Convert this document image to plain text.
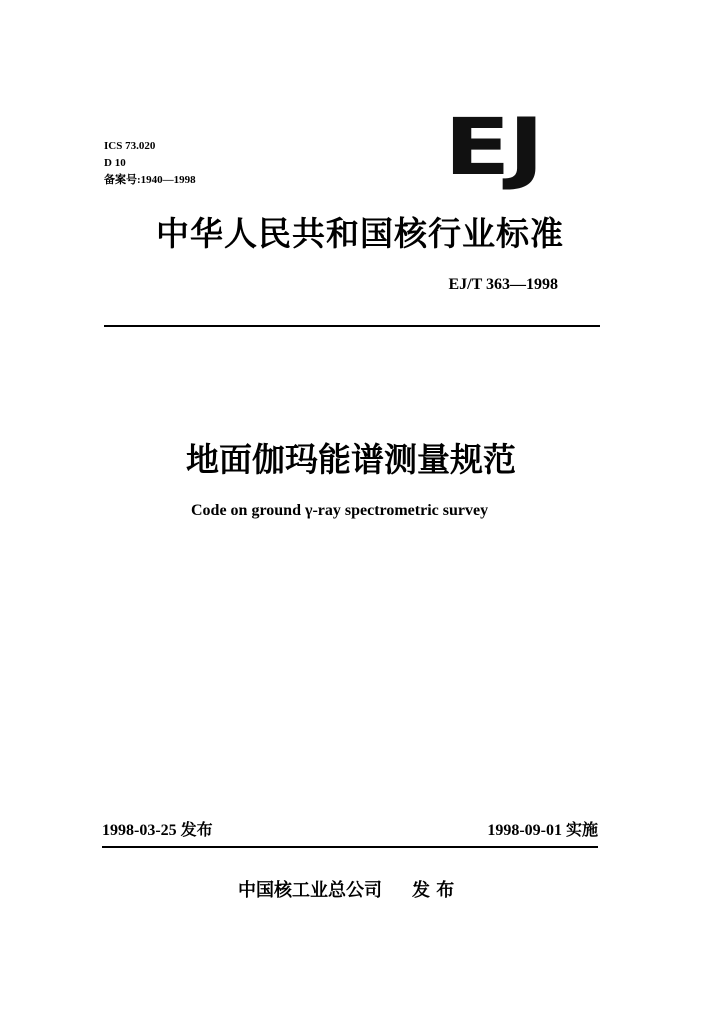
ICS 73.020
D 10
备案号:1940—1998	EJ
中华人民共和国核行业标准
EJ/T 363—1998
地面伽玛能谱测量规范
Code on ground γ-ray spectrometric survey
1998-03-25 发布	1998-09-01 实施
中国核工业总公司 发 布
